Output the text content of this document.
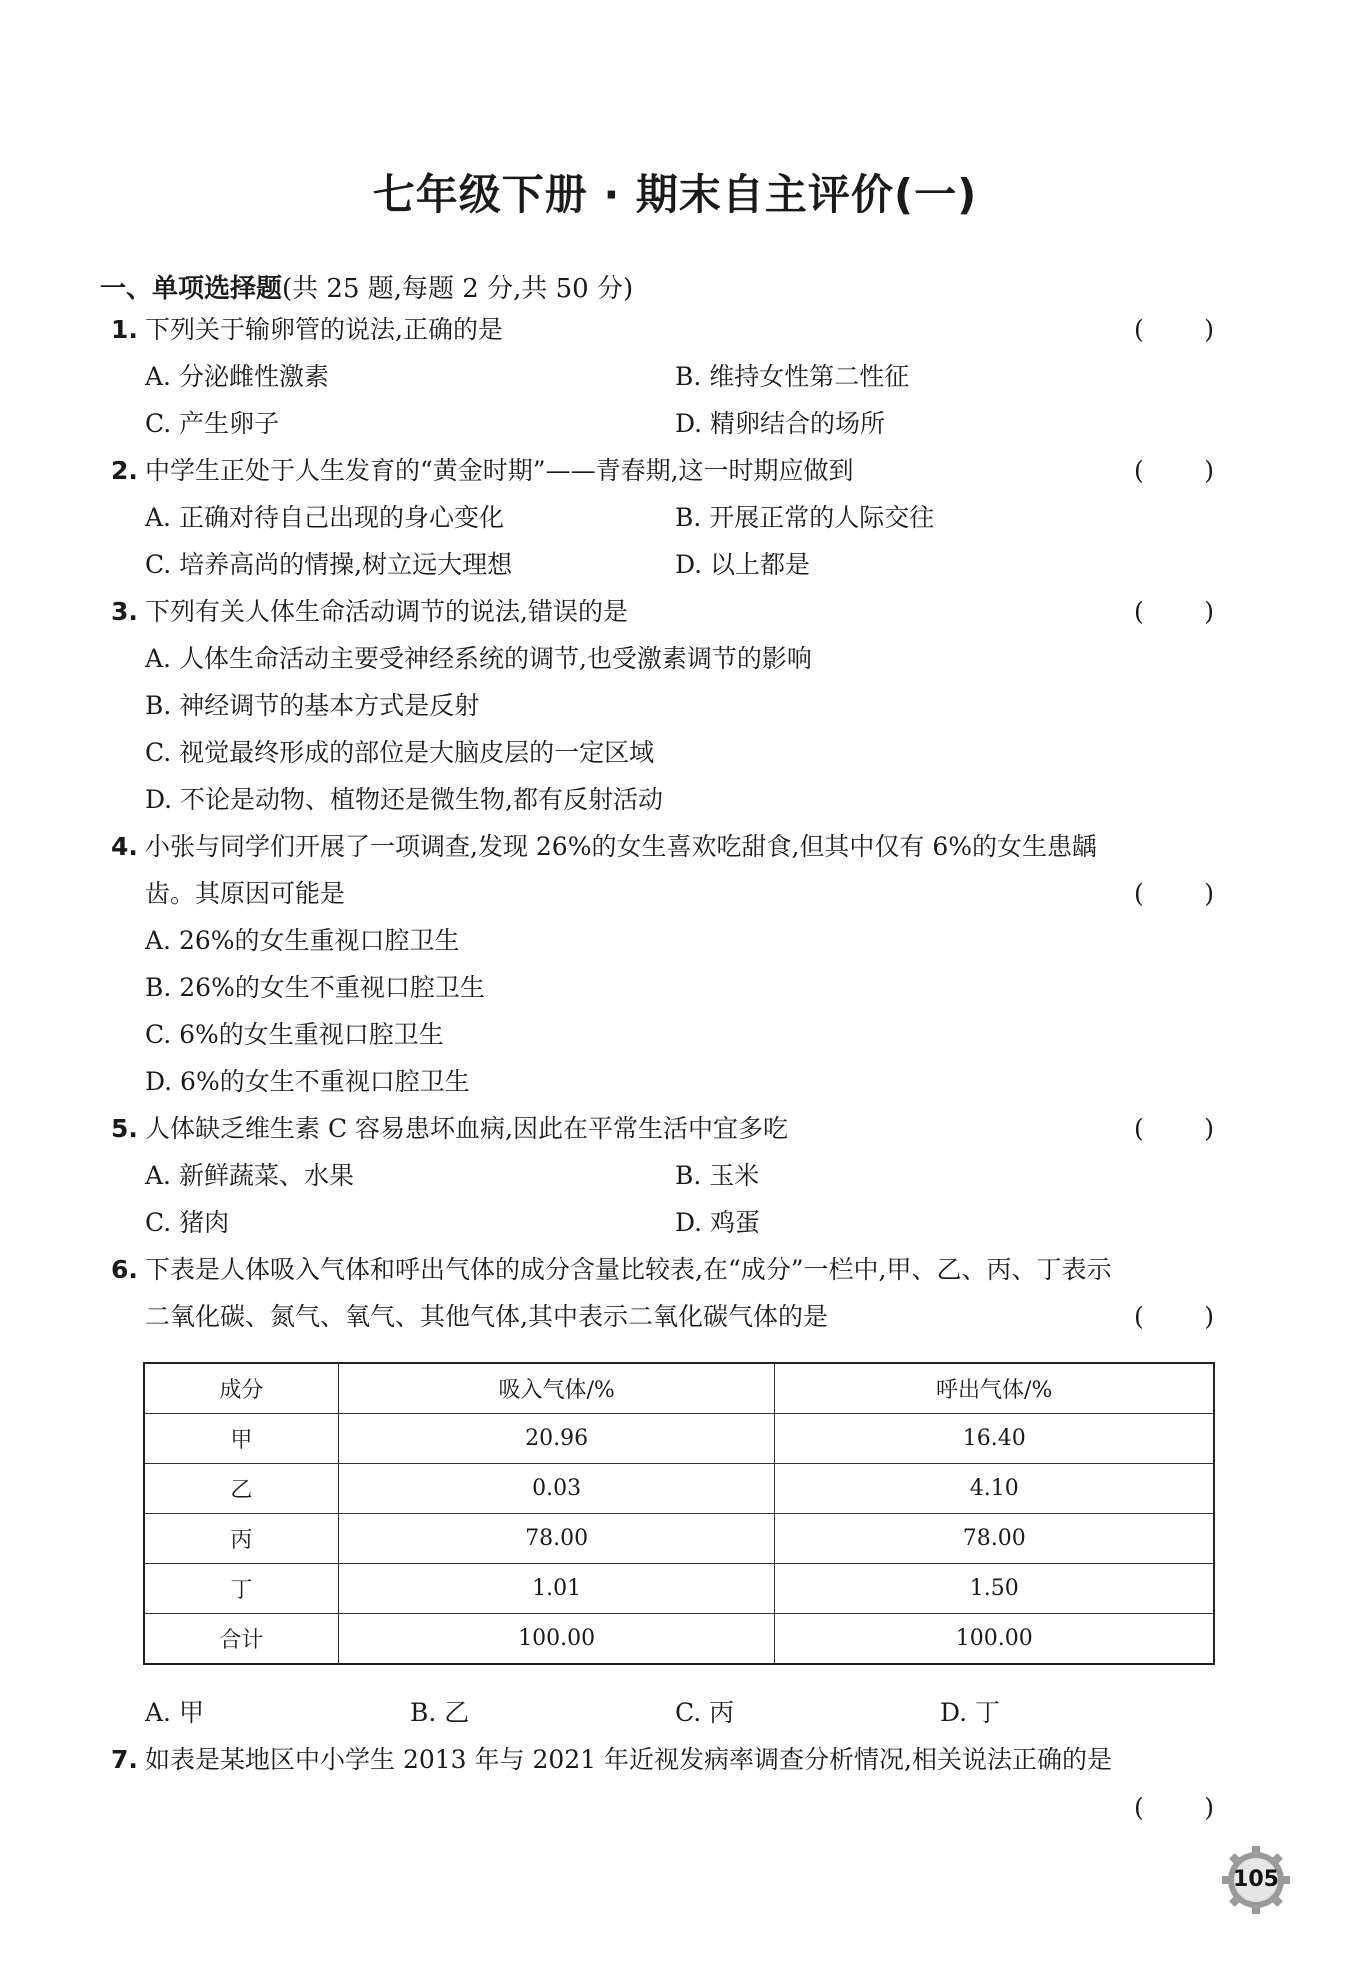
七年级下册 · 期末自主评价(一)
一、单项选择题(共 25 题,每题 2 分,共 50 分)
1. 下列关于输卵管的说法,正确的是	( )
A. 分泌雌性激素	B. 维持女性第二性征
C. 产生卵子	D. 精卵结合的场所
2. 中学生正处于人生发育的“黄金时期”——青春期,这一时期应做到	( )
A. 正确对待自己出现的身心变化	B. 开展正常的人际交往
C. 培养高尚的情操,树立远大理想	D. 以上都是
3. 下列有关人体生命活动调节的说法,错误的是	( )
A. 人体生命活动主要受神经系统的调节,也受激素调节的影响
B. 神经调节的基本方式是反射
C. 视觉最终形成的部位是大脑皮层的一定区域
D. 不论是动物、植物还是微生物,都有反射活动
4. 小张与同学们开展了一项调查,发现 26%的女生喜欢吃甜食,但其中仅有 6%的女生患龋
齿。其原因可能是	( )
A. 26%的女生重视口腔卫生
B. 26%的女生不重视口腔卫生
C. 6%的女生重视口腔卫生
D. 6%的女生不重视口腔卫生
5. 人体缺乏维生素 C 容易患坏血病,因此在平常生活中宜多吃	( )
A. 新鲜蔬菜、水果	B. 玉米
C. 猪肉	D. 鸡蛋
6. 下表是人体吸入气体和呼出气体的成分含量比较表,在“成分”一栏中,甲、乙、丙、丁表示
二氧化碳、氮气、氧气、其他气体,其中表示二氧化碳气体的是	( )
成分	吸入气体/%	呼出气体/%
甲	20.96	16.40
乙	0.03	4.10
丙	78.00	78.00
丁	1.01	1.50
合计	100.00	100.00
A. 甲	B. 乙	C. 丙	D. 丁
7. 如表是某地区中小学生 2013 年与 2021 年近视发病率调查分析情况,相关说法正确的是
( )
105
